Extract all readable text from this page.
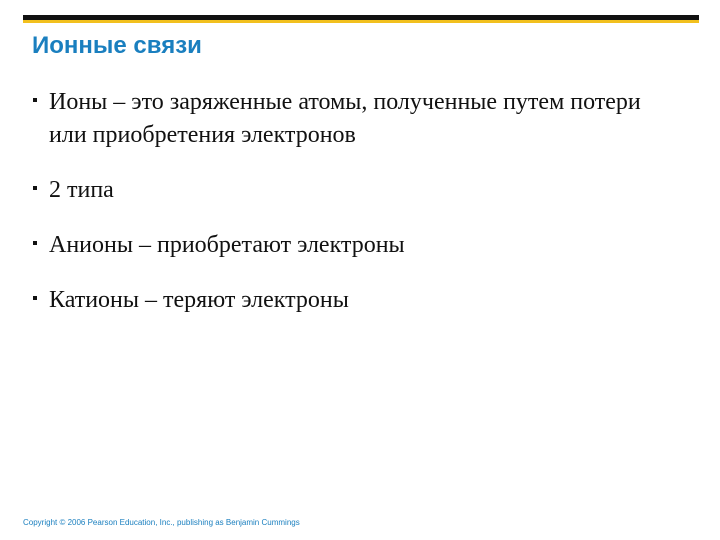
Ионные связи
Ионы – это заряженные атомы, полученные путем потери или приобретения электронов
2 типа
Анионы – приобретают электроны
Катионы – теряют электроны
Copyright © 2006 Pearson Education, Inc., publishing as Benjamin Cummings
